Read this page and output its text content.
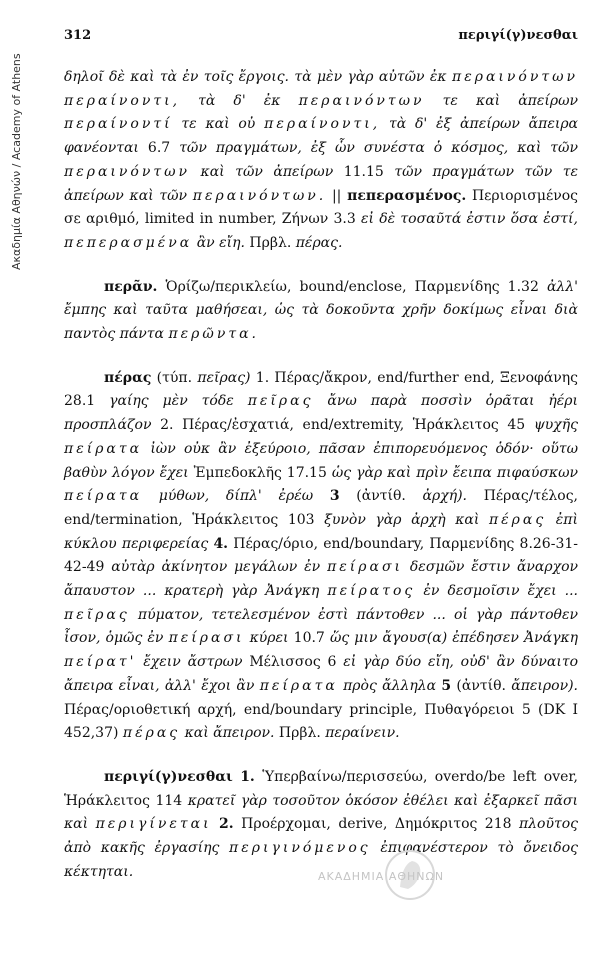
Ακαδημία Αθηνών / Academy of Athens
312	περιγί(γ)νεσθαι

δηλοῖ δὲ καὶ τὰ ἐν τοῖς ἔργοις. τὰ μὲν γὰρ αὐτῶν ἐκ περαινόντων περαίνοντι, τὰ δ' ἐκ περαινόντων τε καὶ ἀπείρων περαίνοντί τε καὶ οὐ περαίνοντι, τὰ δ' ἐξ ἀπείρων ἄπειρα φανέονται 6.7 τῶν πραγμάτων, ἐξ ὧν συνέστα ὁ κόσμος, καὶ τῶν περαινόντων καὶ τῶν ἀπείρων 11.15 τῶν πραγμάτων τῶν τε ἀπείρων καὶ τῶν περαινόντων. || πεπερασμένος. Περιορισμένος σε αριθμό, limited in number, Ζήνων 3.3 εἰ δὲ τοσαῦτά ἐστιν ὅσα ἐστί, πεπερασμένα ἂν εἴη. Πρβλ. πέρας.

περᾶν. Ὁρίζω/περικλείω, bound/enclose, Παρμενίδης 1.32 ἀλλ' ἔμπης καὶ ταῦτα μαθήσεαι, ὡς τὰ δοκοῦντα χρῆν δοκίμως εἶναι διὰ παντὸς πάντα περῶντα.

πέρας (τύπ. πεῖρας) 1. Πέρας/ἄκρον, end/further end, Ξενοφάνης 28.1 γαίης μὲν τόδε πεῖρας ἄνω παρὰ ποσσὶν ὁρᾶται ἠέρι προσπλάζον 2. Πέρας/ἐσχατιά, end/extremity, Ἡράκλειτος 45 ψυχῆς πείρατα ἰὼν οὐκ ἂν ἐξεύροιο, πᾶσαν ἐπιπορευόμενος ὁδόν· οὕτω βαθὺν λόγον ἔχει Ἐμπεδοκλῆς 17.15 ὡς γὰρ καὶ πρὶν ἔειπα πιφαύσκων πείρατα μύθων, δίπλ' ἐρέω 3 (ἀντίθ. ἀρχή). Πέρας/τέλος, end/termination, Ἡράκλειτος 103 ξυνὸν γὰρ ἀρχὴ καὶ πέρας ἐπὶ κύκλου περιφερείας 4. Πέρας/όριο, end/boundary, Παρμενίδης 8.26-31-42-49 αὐτὰρ ἀκίνητον μεγάλων ἐν πείρασι δεσμῶν ἔστιν ἄναρχον ἄπαυστον ... κρατερὴ γὰρ Ἀνάγκη πείρατος ἐν δεσμοῖσιν ἔχει ... πεῖρας πύματον, τετελεσμένον ἐστὶ πάντοθεν ... οἱ γὰρ πάντοθεν ἶσον, ὁμῶς ἐν πείρασι κύρει 10.7 ὥς μιν ἄγουσ(α) ἐπέδησεν Ἀνάγκη πείρατ' ἔχειν ἄστρων Μέλισσος 6 εἰ γὰρ δύο εἴη, οὐδ' ἂν δύναιτο ἄπειρα εἶναι, ἀλλ' ἔχοι ἂν πείρατα πρὸς ἄλληλα 5 (ἀντίθ. ἄπειρον). Πέρας/οριοθετική αρχή, end/boundary principle, Πυθαγόρειοι 5 (DK I 452,37) πέρας καὶ ἄπειρον. Πρβλ. περαίνειν.

περιγί(γ)νεσθαι 1. Ὑπερβαίνω/περισσεύω, overdo/be left over, Ἡράκλειτος 114 κρατεῖ γὰρ τοσοῦτον ὁκόσον ἐθέλει καὶ ἐξαρκεῖ πᾶσι καὶ περιγίνεται 2. Προέρχομαι, derive, Δημόκριτος 218 πλοῦτος ἀπὸ κακῆς ἐργασίης περιγινόμενος ἐπιφανέστερον τὸ ὄνειδος κέκτηται.	ΑΚΑΔΗΜΙΑ ΑΘΗΝΩΝ
